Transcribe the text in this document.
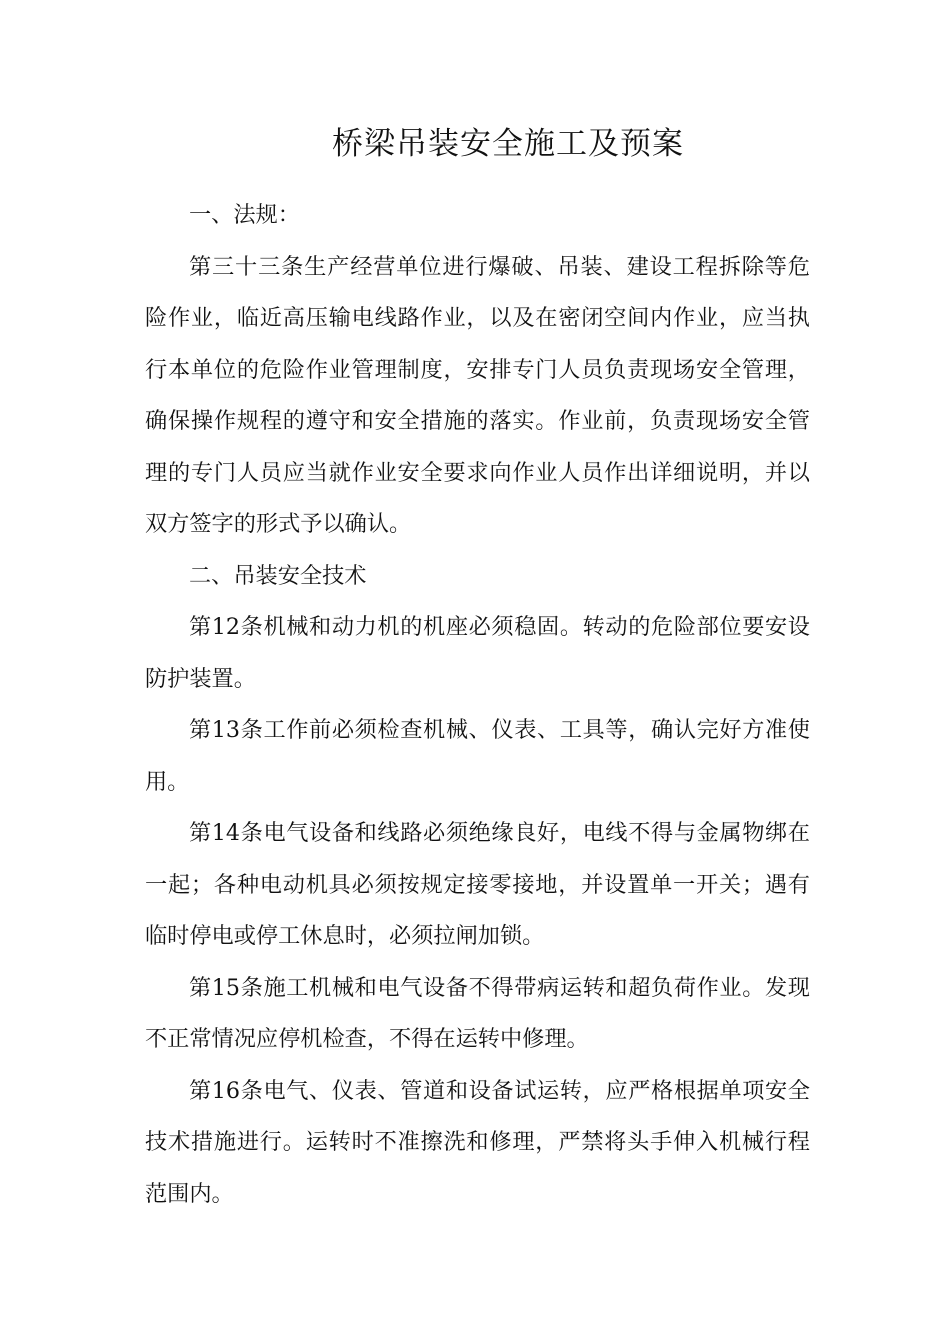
桥梁吊装安全施工及预案

一、法规：

第三十三条生产经营单位进行爆破、吊装、建设工程拆除等危险作业，临近高压输电线路作业，以及在密闭空间内作业，应当执行本单位的危险作业管理制度，安排专门人员负责现场安全管理，确保操作规程的遵守和安全措施的落实。作业前，负责现场安全管理的专门人员应当就作业安全要求向作业人员作出详细说明，并以双方签字的形式予以确认。

二、吊装安全技术

第12条机械和动力机的机座必须稳固。转动的危险部位要安设防护装置。

第13条工作前必须检查机械、仪表、工具等，确认完好方准使用。

第14条电气设备和线路必须绝缘良好，电线不得与金属物绑在一起；各种电动机具必须按规定接零接地，并设置单一开关；遇有临时停电或停工休息时，必须拉闸加锁。

第15条施工机械和电气设备不得带病运转和超负荷作业。发现不正常情况应停机检查，不得在运转中修理。

第16条电气、仪表、管道和设备试运转，应严格根据单项安全技术措施进行。运转时不准擦洗和修理，严禁将头手伸入机械行程范围内。
